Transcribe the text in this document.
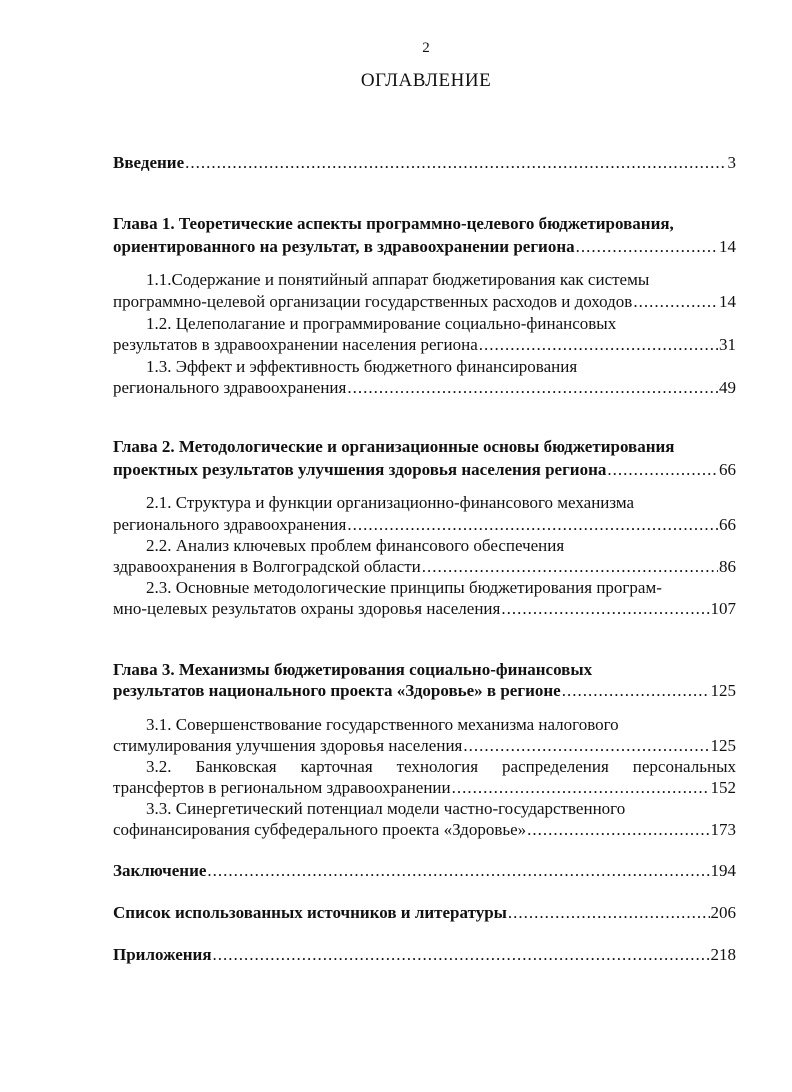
2
ОГЛАВЛЕНИЕ
Введение .....	3
Глава 1. Теоретические аспекты программно-целевого бюджетирования,
ориентированного на результат, в здравоохранении региона .....	14
1.1.Содержание и понятийный аппарат бюджетирования как системы
программно-целевой организации государственных расходов и доходов .....	14
1.2. Целеполагание и программирование социально-финансовых
результатов в здравоохранении населения региона .....	31
1.3. Эффект и эффективность бюджетного финансирования
регионального здравоохранения .....	49
Глава 2. Методологические и организационные основы бюджетирования
проектных результатов улучшения здоровья населения региона .....	66
2.1. Структура и функции организационно-финансового механизма
регионального здравоохранения .....	66
2.2. Анализ ключевых проблем финансового обеспечения
здравоохранения в Волгоградской области .....	86
2.3. Основные методологические принципы бюджетирования програм-
мно-целевых результатов охраны здоровья населения .....	107
Глава 3. Механизмы бюджетирования социально-финансовых
результатов национального проекта «Здоровье» в регионе .....	125
3.1. Совершенствование государственного механизма налогового
стимулирования улучшения здоровья населения .....	125
3.2. Банковская карточная технология распределения персональных
трансфертов в региональном здравоохранении .....	152
3.3. Синергетический потенциал модели частно-государственного
софинансирования субфедерального проекта «Здоровье» .....	173
Заключение .....	194
Список использованных источников и литературы .....	206
Приложения .....	218
